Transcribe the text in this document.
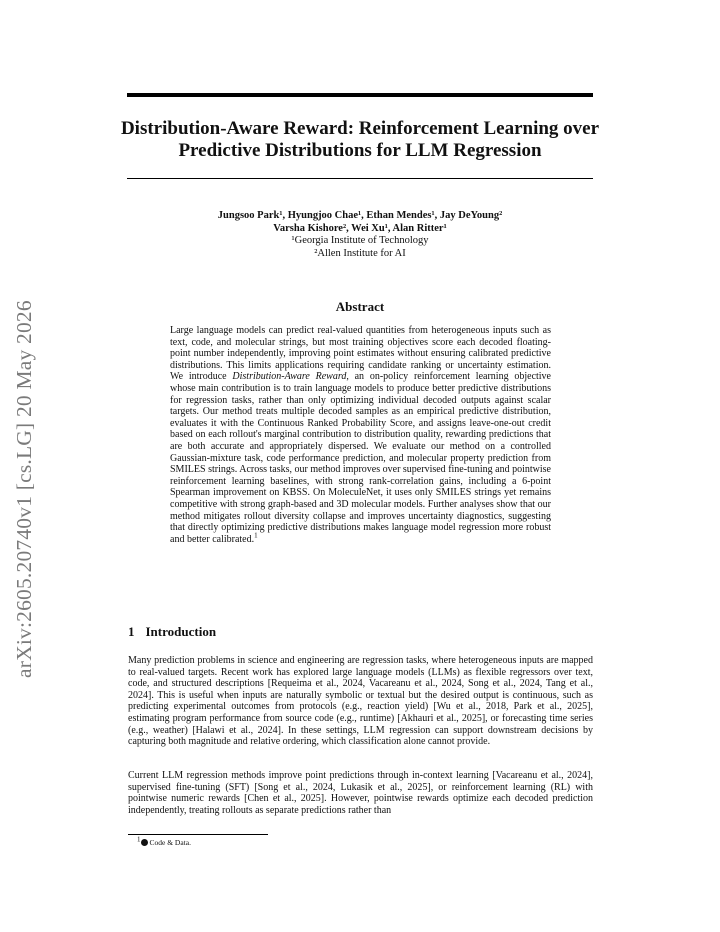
Distribution-Aware Reward: Reinforcement Learning over Predictive Distributions for LLM Regression
Jungsoo Park¹, Hyungjoo Chae¹, Ethan Mendes¹, Jay DeYoung²
Varsha Kishore², Wei Xu¹, Alan Ritter¹
¹Georgia Institute of Technology
²Allen Institute for AI
arXiv:2605.20740v1 [cs.LG] 20 May 2026	Abstract
Large language models can predict real-valued quantities from heterogeneous inputs such as text, code, and molecular strings, but most training objectives score each decoded floating-point number independently, improving point estimates without ensuring calibrated predictive distributions. This limits applications requiring candidate ranking or uncertainty estimation. We introduce Distribution-Aware Reward, an on-policy reinforcement learning objective whose main contribution is to train language models to produce better predictive distributions for regression tasks, rather than only optimizing individual decoded outputs against scalar targets. Our method treats multiple decoded samples as an empirical predictive distribution, evaluates it with the Continuous Ranked Probability Score, and assigns leave-one-out credit based on each rollout's marginal contribution to distribution quality, rewarding predictions that are both accurate and appropriately dispersed. We evaluate our method on a controlled Gaussian-mixture task, code performance prediction, and molecular property prediction from SMILES strings. Across tasks, our method improves over supervised fine-tuning and pointwise reinforcement learning baselines, with strong rank-correlation gains, including a 6-point Spearman improvement on KBSS. On MoleculeNet, it uses only SMILES strings yet remains competitive with strong graph-based and 3D molecular models. Further analyses show that our method mitigates rollout diversity collapse and improves uncertainty diagnostics, suggesting that directly optimizing predictive distributions makes language model regression more robust and better calibrated.$^1$
1 Introduction
Many prediction problems in science and engineering are regression tasks, where heterogeneous inputs are mapped to real-valued targets. Recent work has explored large language models (LLMs) as flexible regressors over text, code, and structured descriptions [Requeima et al., 2024, Vacareanu et al., 2024, Song et al., 2024, Tang et al., 2024]. This is useful when inputs are naturally symbolic or textual but the desired output is continuous, such as predicting experimental outcomes from protocols (e.g., reaction yield) [Wu et al., 2018, Park et al., 2025], estimating program performance from source code (e.g., runtime) [Akhauri et al., 2025], or forecasting time series (e.g., weather) [Halawi et al., 2024]. In these settings, LLM regression can support downstream decisions by capturing both magnitude and relative ordering, which classification alone cannot provide.
Current LLM regression methods improve point predictions through in-context learning [Vacareanu et al., 2024], supervised fine-tuning (SFT) [Song et al., 2024, Lukasik et al., 2025], or reinforcement learning (RL) with pointwise numeric rewards [Chen et al., 2025]. However, pointwise rewards optimize each decoded prediction independently, treating rollouts as separate predictions rather than
$^1$ Code & Data.
